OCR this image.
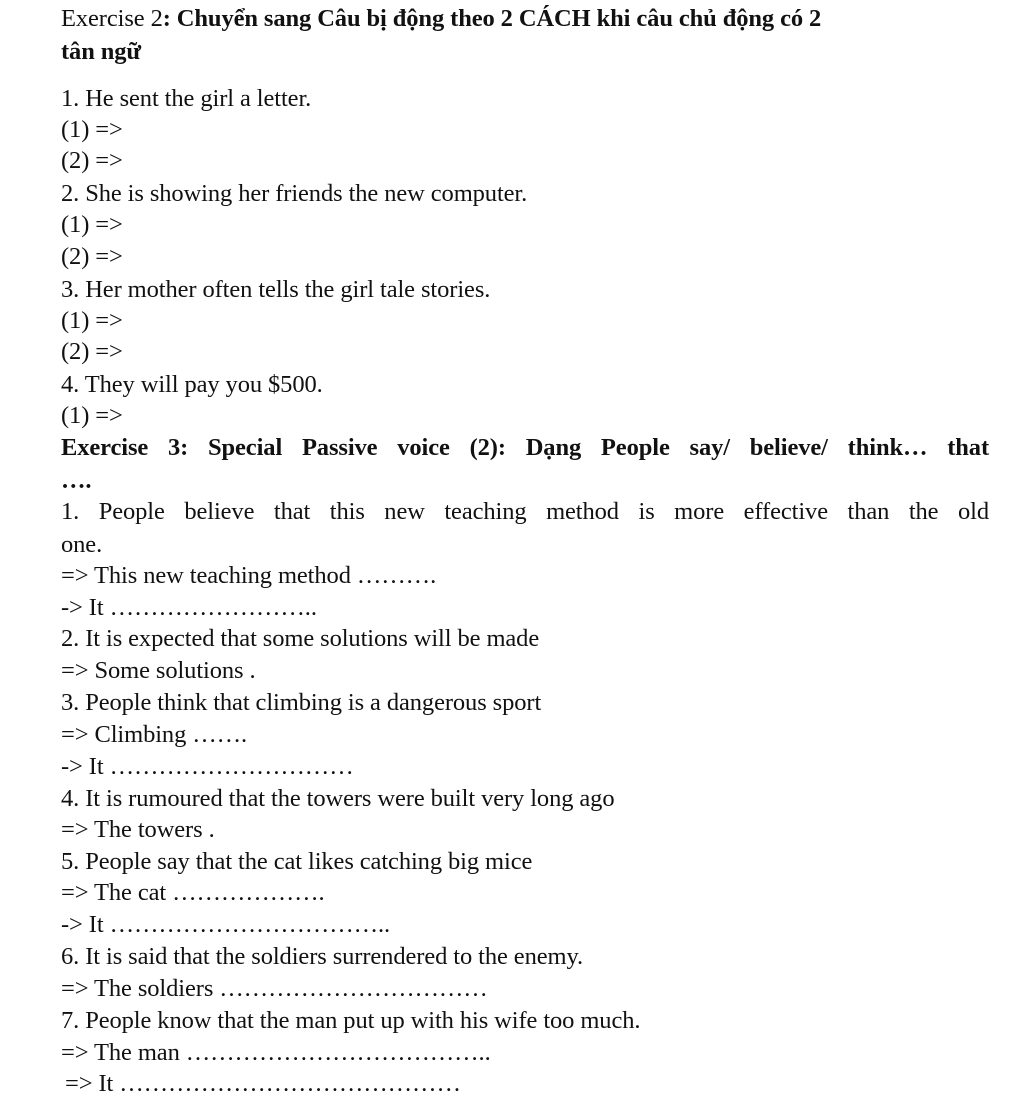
Exercise 2: Chuyển sang Câu bị động theo 2 CÁCH khi câu chủ động có 2
tân ngữ
1. He sent the girl a letter.
(1) =>
(2) =>
2. She is showing her friends the new computer.
(1) =>
(2) =>
3. Her mother often tells the girl tale stories.
(1) =>
(2) =>
4. They will pay you $500.
(1) =>
Exercise 3: Special Passive voice (2): Dạng People say/ believe/ think… that
….
1. People believe that this new teaching method is more effective than the old
one.
=> This new teaching method ……….
-> It ……………………..
2. It is expected that some solutions will be made
=> Some solutions .
3. People think that climbing is a dangerous sport
=> Climbing …….
-> It …………………………
4. It is rumoured that the towers were built very long ago
=> The towers .
5. People say that the cat likes catching big mice
=> The cat ……………….
-> It ……………………………..
6. It is said that the soldiers surrendered to the enemy.
=> The soldiers ……………………………
7. People know that the man put up with his wife too much.
=> The man ………………………………..
=> It ……………………………………
